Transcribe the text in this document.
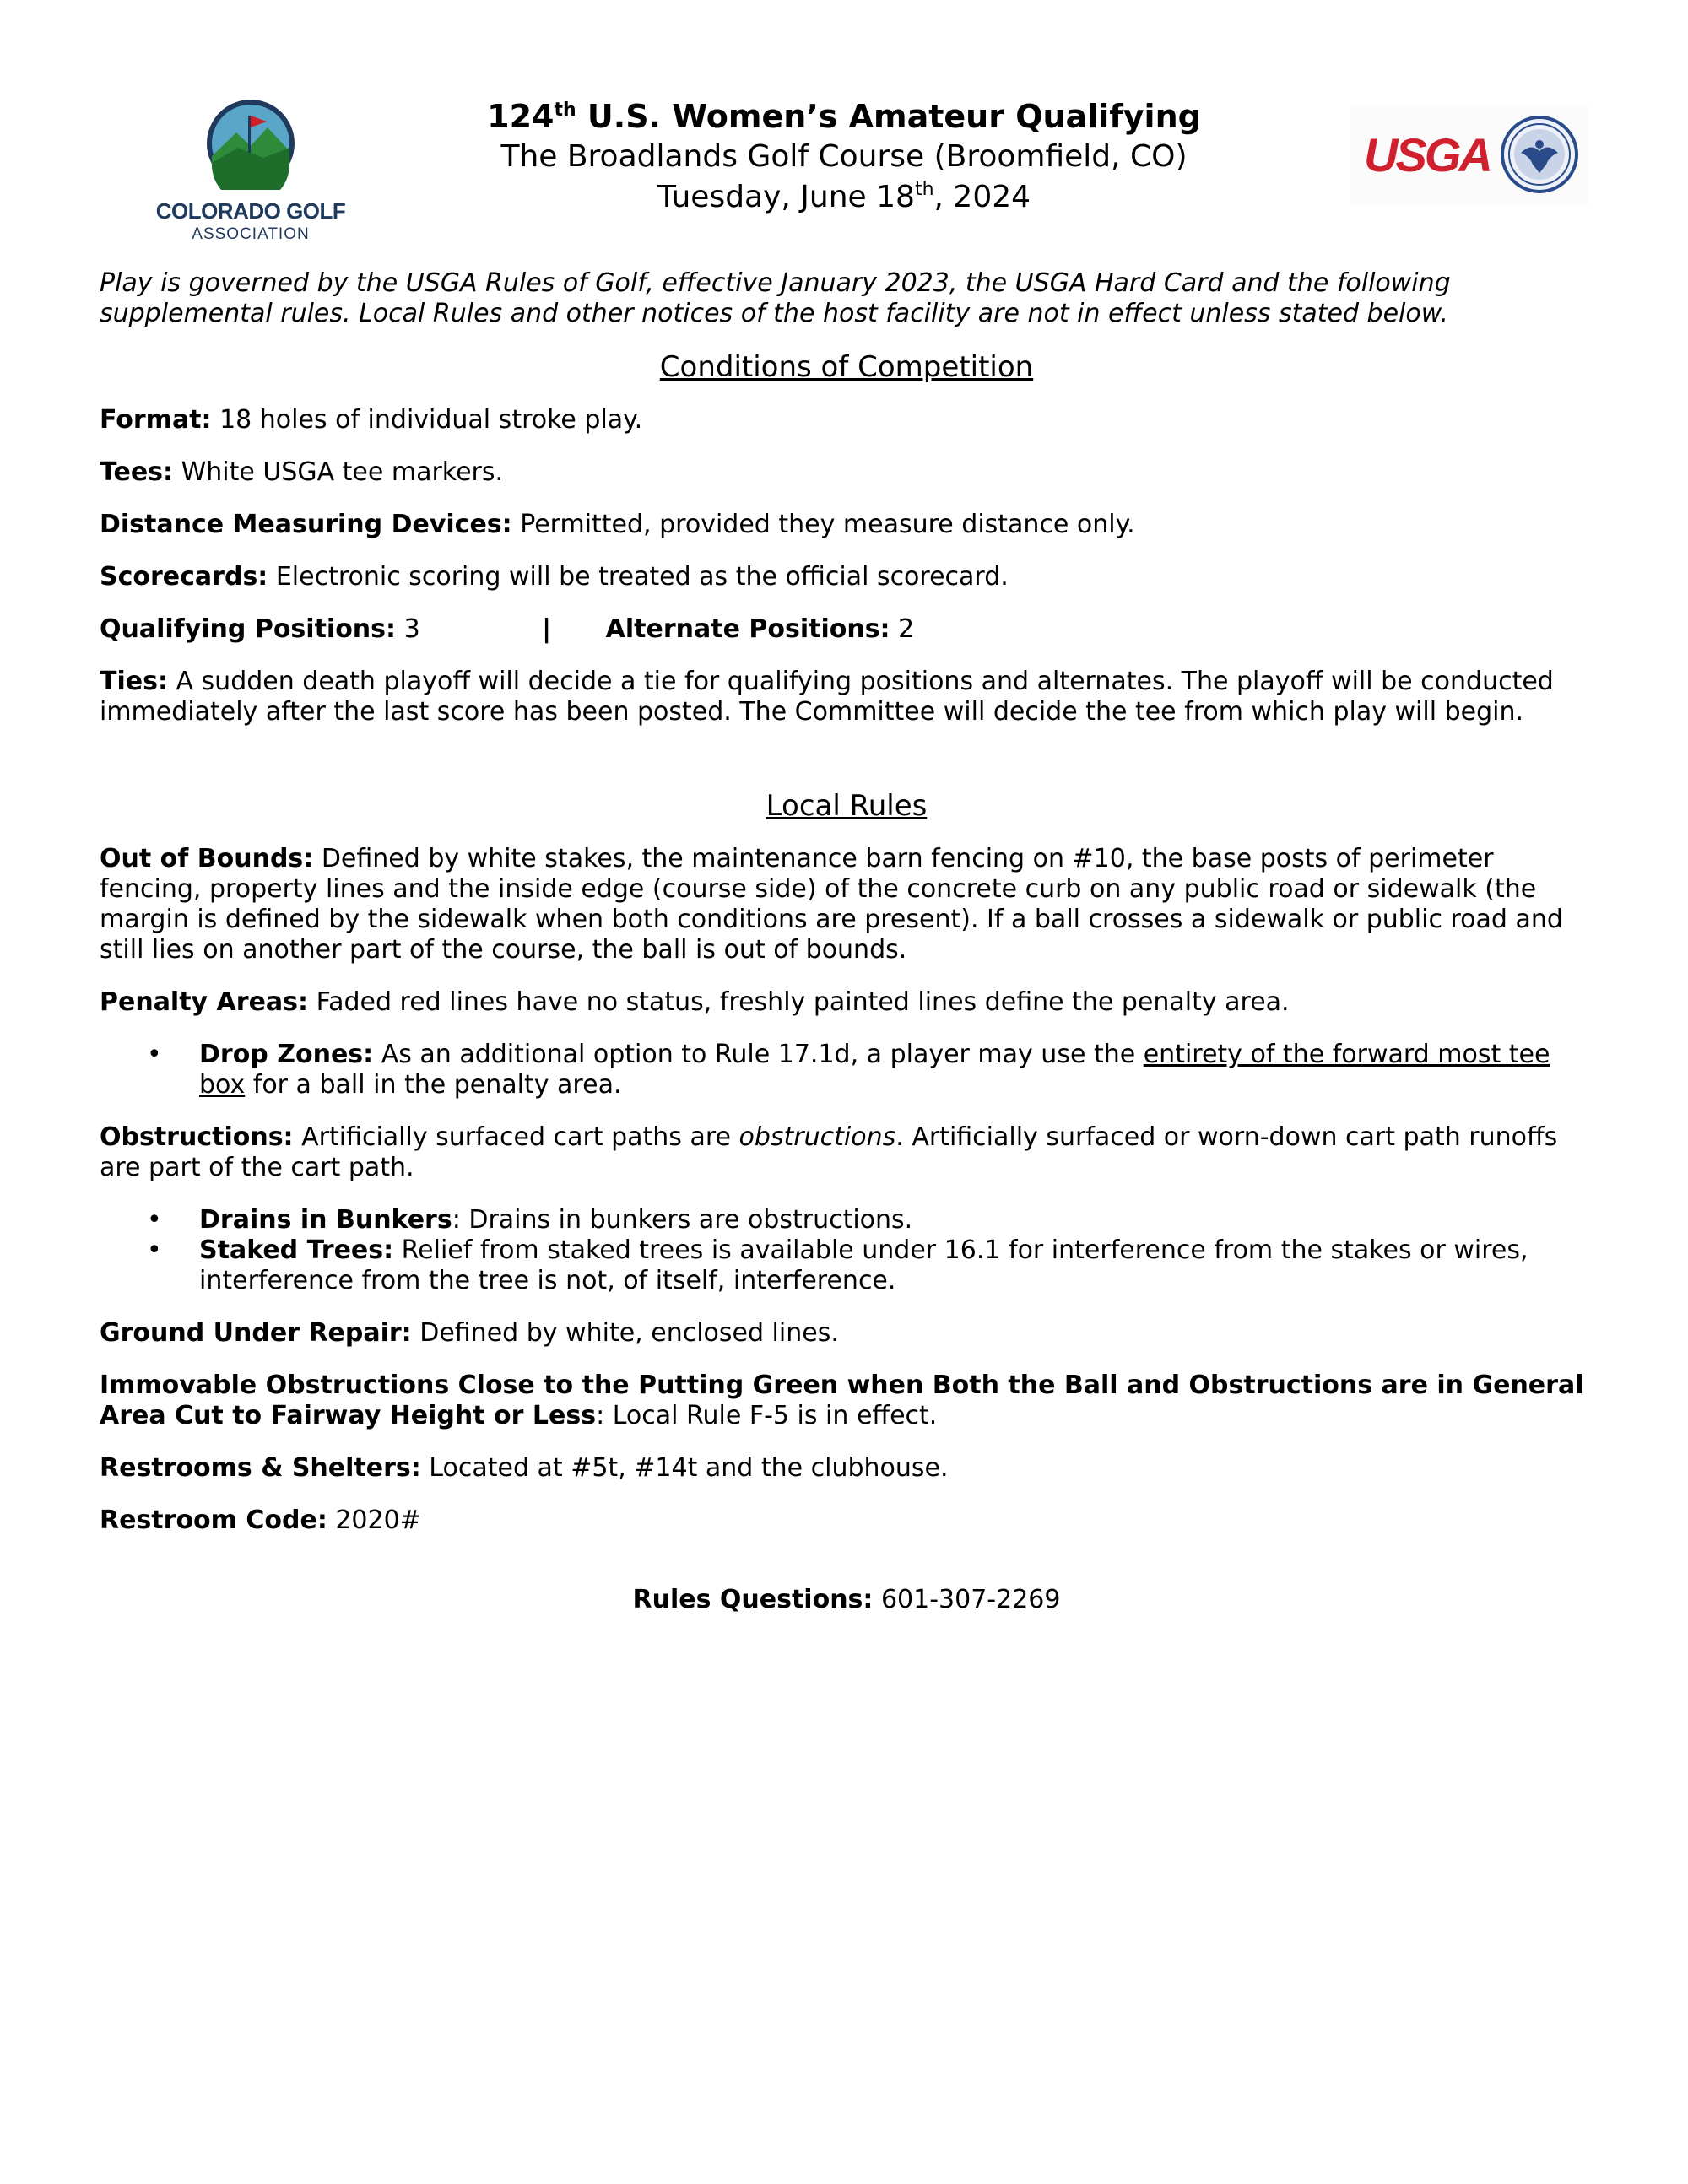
COLORADO GOLF
ASSOCIATION
124th U.S. Women’s Amateur Qualifying
The Broadlands Golf Course (Broomfield, CO)
Tuesday, June 18th, 2024
USGA

Play is governed by the USGA Rules of Golf, effective January 2023, the USGA Hard Card and the following supplemental rules. Local Rules and other notices of the host facility are not in effect unless stated below.

Conditions of Competition

Format: 18 holes of individual stroke play.

Tees: White USGA tee markers.

Distance Measuring Devices: Permitted, provided they measure distance only.

Scorecards: Electronic scoring will be treated as the official scorecard.

Qualifying Positions: 3	| Alternate Positions: 2

Ties: A sudden death playoff will decide a tie for qualifying positions and alternates. The playoff will be conducted immediately after the last score has been posted. The Committee will decide the tee from which play will begin.

Local Rules

Out of Bounds: Defined by white stakes, the maintenance barn fencing on #10, the base posts of perimeter fencing, property lines and the inside edge (course side) of the concrete curb on any public road or sidewalk (the margin is defined by the sidewalk when both conditions are present). If a ball crosses a sidewalk or public road and still lies on another part of the course, the ball is out of bounds.

Penalty Areas: Faded red lines have no status, freshly painted lines define the penalty area.

• Drop Zones: As an additional option to Rule 17.1d, a player may use the entirety of the forward most tee box for a ball in the penalty area.

Obstructions: Artificially surfaced cart paths are obstructions. Artificially surfaced or worn-down cart path runoffs are part of the cart path.

• Drains in Bunkers: Drains in bunkers are obstructions.
• Staked Trees: Relief from staked trees is available under 16.1 for interference from the stakes or wires, interference from the tree is not, of itself, interference.

Ground Under Repair: Defined by white, enclosed lines.

Immovable Obstructions Close to the Putting Green when Both the Ball and Obstructions are in General Area Cut to Fairway Height or Less: Local Rule F-5 is in effect.

Restrooms & Shelters: Located at #5t, #14t and the clubhouse.

Restroom Code: 2020#

Rules Questions: 601-307-2269
